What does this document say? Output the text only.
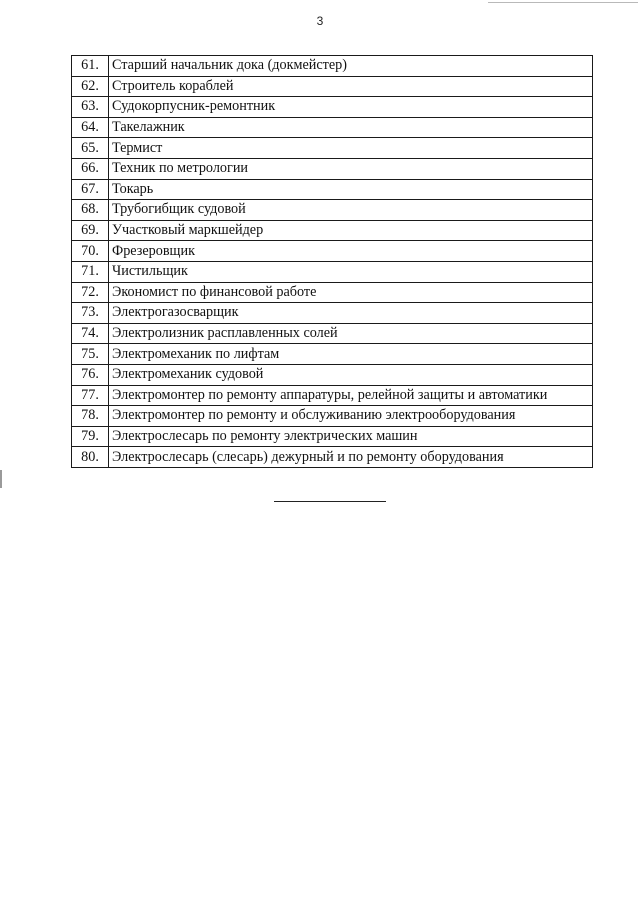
3
61.	Старший начальник дока (докмейстер)
62.	Строитель кораблей
63.	Судокорпусник-ремонтник
64.	Такелажник
65.	Термист
66.	Техник по метрологии
67.	Токарь
68.	Трубогибщик судовой
69.	Участковый маркшейдер
70.	Фрезеровщик
71.	Чистильщик
72.	Экономист по финансовой работе
73.	Электрогазосварщик
74.	Электролизник расплавленных солей
75.	Электромеханик по лифтам
76.	Электромеханик судовой
77.	Электромонтер по ремонту аппаратуры, релейной защиты и автоматики
78.	Электромонтер по ремонту и обслуживанию электрооборудования
79.	Электрослесарь по ремонту электрических машин
80.	Электрослесарь (слесарь) дежурный и по ремонту оборудования
